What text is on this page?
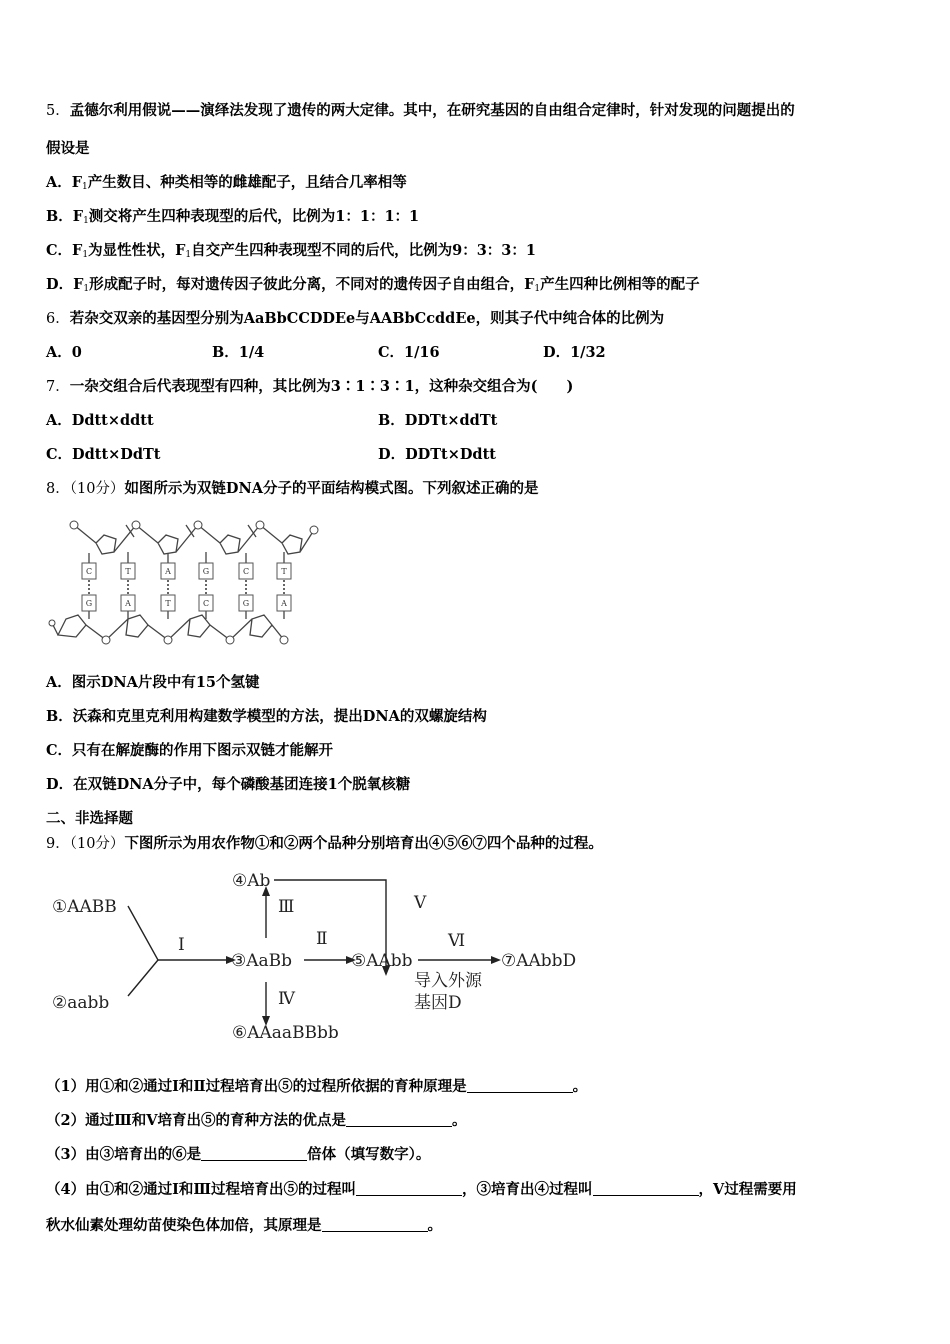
5．孟德尔利用假说——演绎法发现了遗传的两大定律。其中，在研究基因的自由组合定律时，针对发现的问题提出的
假设是
A．$F_1$产生数目、种类相等的雌雄配子，且结合几率相等
B．$F_1$测交将产生四种表现型的后代，比例为1：1：1：1
C．$F_1$为显性性状，$F_1$自交产生四种表现型不同的后代，比例为9：3：3：1
D．$F_1$形成配子时，每对遗传因子彼此分离，不同对的遗传因子自由组合，$F_1$产生四种比例相等的配子
6．若杂交双亲的基因型分别为AaBbCCDDEe与AABbCcddEe，则其子代中纯合体的比例为
A．0	B．1/4	C．1/16	D．1/32
7．一杂交组合后代表现型有四种，其比例为3∶1∶3∶1，这种杂交组合为(　　)
A．Ddtt×ddtt	B．DDTt×ddTt
C．Ddtt×DdTt	D．DDTt×Ddtt
8．（10分）如图所示为双链DNA分子的平面结构模式图。下列叙述正确的是
C	T	A	G	C	T
G	A	T	C	G	A
A．图示DNA片段中有15个氢键
B．沃森和克里克利用构建数学模型的方法，提出DNA的双螺旋结构
C．只有在解旋酶的作用下图示双链才能解开
D．在双链DNA分子中，每个磷酸基团连接1个脱氧核糖
二、非选择题
9．（10分）下图所示为用农作物①和②两个品种分别培育出④⑤⑥⑦四个品种的过程。
①AABB
②aabb
③AaBb
④Ab
⑤AAbb
⑥AAaaBBbb
⑦AAbbD
Ⅰ	Ⅱ
Ⅲ
Ⅳ
Ⅴ
Ⅵ
导入外源
基因D
（1）用①和②通过Ⅰ和Ⅱ过程培育出⑤的过程所依据的育种原理是	。
（2）通过Ⅲ和Ⅴ培育出⑤的育种方法的优点是	。
（3）由③培育出的⑥是	倍体（填写数字）。
（4）由①和②通过Ⅰ和Ⅲ过程培育出⑤的过程叫	，③培育出④过程叫	，Ⅴ过程需要用
秋水仙素处理幼苗使染色体加倍，其原理是	。
